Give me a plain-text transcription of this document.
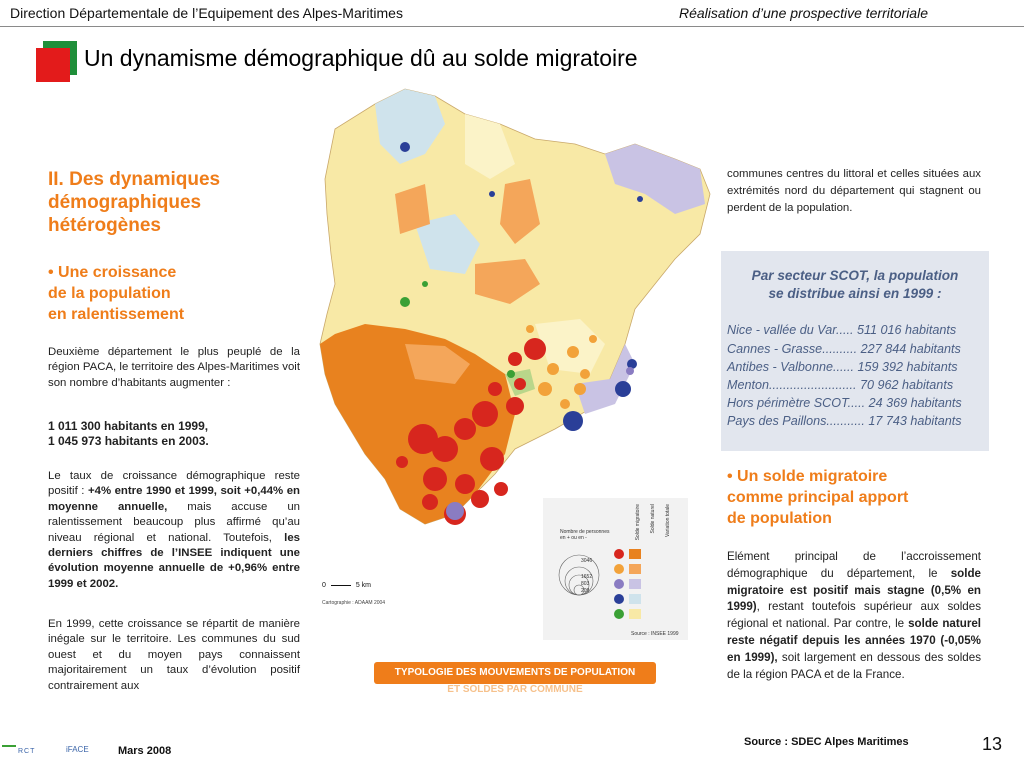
Direction Départementale de l’Equipement des Alpes-Maritimes	Réalisation d’une prospective territoriale
Un dynamisme démographique dû au solde migratoire
II. Des dynamiques
démographiques
hétérogènes
• Une croissance
de la population
en ralentissement
Deuxième département le plus peuplé de la région PACA, le territoire des Alpes-Maritimes voit son nombre d’habitants augmenter :
1 011 300 habitants en 1999,
1 045 973 habitants en 2003.
Le taux de croissance démographique reste positif : +4% entre 1990 et 1999, soit +0,44% en moyenne annuelle, mais accuse un ralentissement beaucoup plus affirmé qu’au niveau régional et national. Toutefois, les derniers chiffres de l’INSEE indiquent une évolution moyenne annuelle de +0,96% entre 1999 et 2002.
En 1999, cette croissance se répartit de manière inégale sur le territoire. Les communes du sud ouest et du moyen pays connaissent majoritairement un taux d’évolution positif contrairement aux
0	5 km
Cartographie : ADAAM 2004
Nombre de personnes en + ou en -	Solde migratoire Solde naturel Variation totale
3046
1652
803
209
Source : INSEE 1999
TYPOLOGIE DES MOUVEMENTS DE POPULATION
ET SOLDES PAR COMMUNE
communes centres du littoral et celles situées aux extrémités nord du département qui stagnent ou perdent de la population.
Par secteur SCOT, la population
se distribue ainsi en 1999 :
Nice - vallée du Var..... 511 016 habitants
Cannes - Grasse.......... 227 844 habitants
Antibes - Valbonne...... 159 392 habitants
Menton......................... 70 962 habitants
Hors périmètre SCOT..... 24 369 habitants
Pays des Paillons........... 17 743 habitants
• Un solde migratoire
comme principal apport
de population
Elément principal de l’accroissement démographique du département, le solde migratoire est positif mais stagne (0,5% en 1999), restant toutefois supérieur aux soldes régional et national. Par contre, le solde naturel reste négatif depuis les années 1970 (-0,05% en 1999), soit largement en dessous des soldes de la région PACA et de la France.
Source : SDEC Alpes Maritimes	13
Mars 2008
RCT	iFACE
